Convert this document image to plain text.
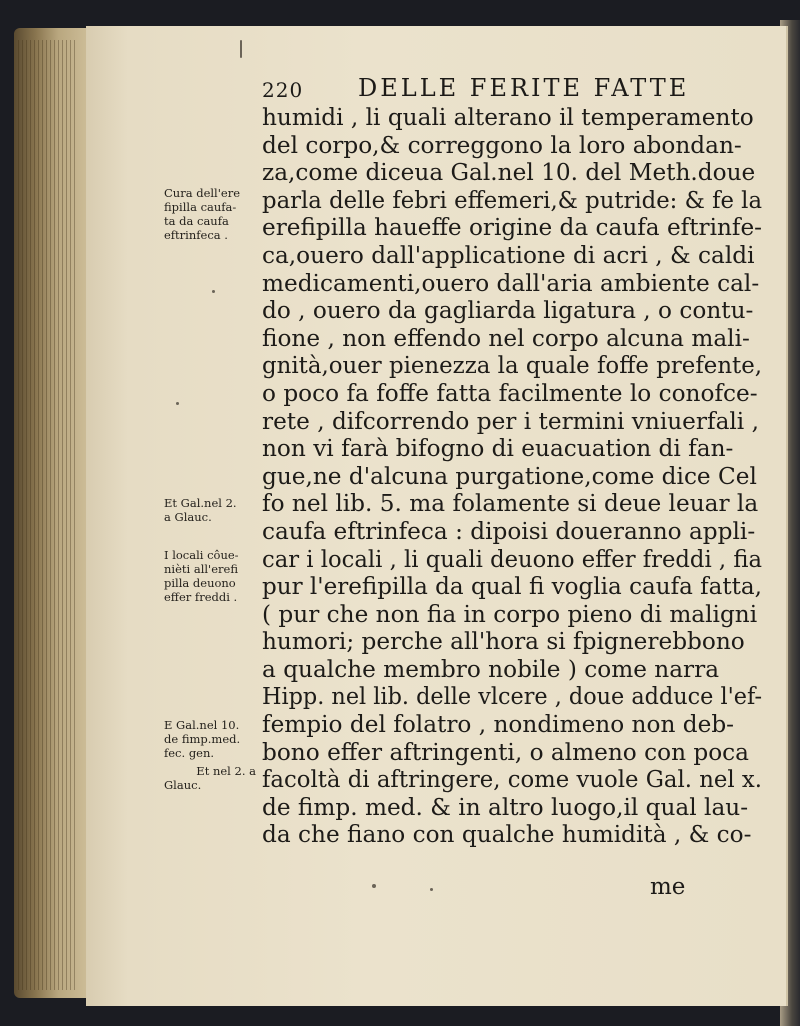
220 DELLE FERITE FATTE
humidi , li quali alterano il temperamento
del corpo,& correggono la loro abondan-
za,come diceua Gal.nel 10. del Meth.doue
parla delle febri effemeri,& putride: & fe la
erefipilla haueffe origine da caufa eftrinfe-
ca,ouero dall'applicatione di acri , & caldi
medicamenti,ouero dall'aria ambiente cal-
do , ouero da gagliarda ligatura , o contu-
fione , non effendo nel corpo alcuna mali-
gnità,ouer pienezza la quale foffe prefente,
o poco fa foffe fatta facilmente lo conofce-
rete , difcorrendo per i termini vniuerfali ,
non vi farà bifogno di euacuation di fan-
gue,ne d'alcuna purgatione,come dice Cel
fo nel lib. 5. ma folamente si deue leuar la
caufa eftrinfeca : dipoisi doueranno appli-
car i locali , li quali deuono effer freddi , fia
pur l'erefipilla da qual fi voglia caufa fatta,
( pur che non fia in corpo pieno di maligni
humori; perche all'hora si fpignerebbono
a qualche membro nobile ) come narra
Hipp. nel lib. delle vlcere , doue adduce l'ef-
fempio del folatro , nondimeno non deb-
bono effer aftringenti, o almeno con poca
facoltà di aftringere, come vuole Gal. nel x.
de fimp. med. & in altro luogo,il qual lau-
da che fiano con qualche humidità , & co-
me
Cura dell'ere
fipilla caufa-
ta da caufa
eftrinfeca .
Et Gal.nel 2.
a Glauc.
I locali côue-
nièti all'erefi
pilla deuono
effer freddi .
E Gal.nel 10.
de fimp.med.
fec. gen.
Et nel 2. a
Glauc.
